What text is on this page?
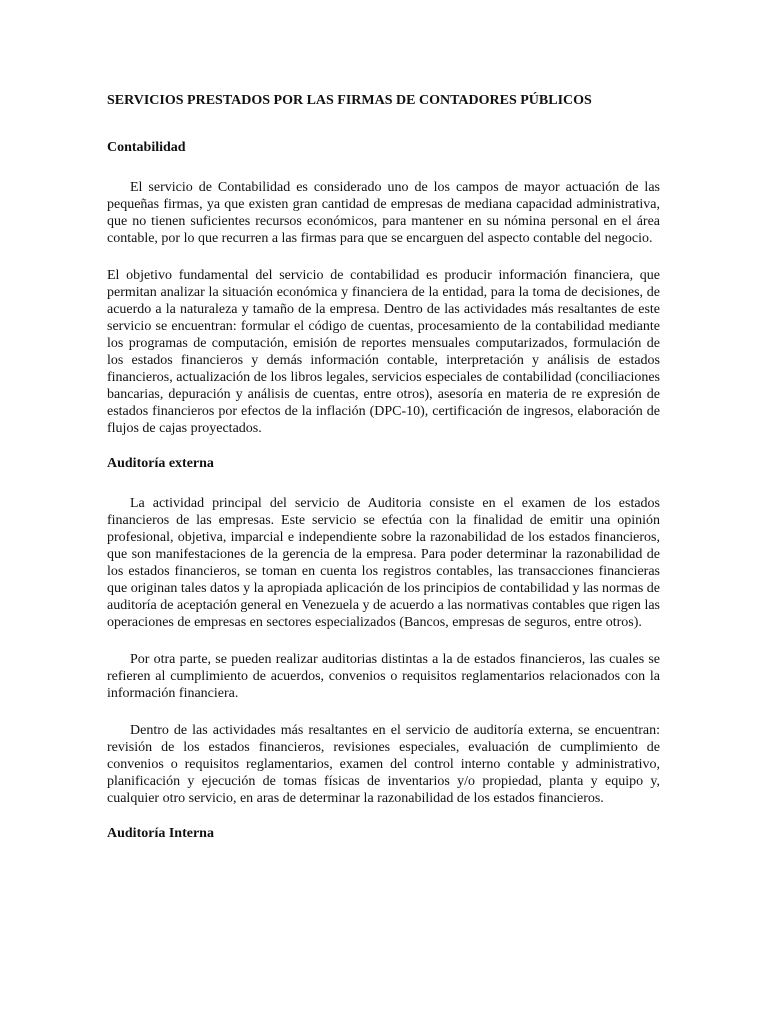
SERVICIOS PRESTADOS POR LAS FIRMAS DE CONTADORES PÚBLICOS

Contabilidad

El servicio de Contabilidad es considerado uno de los campos de mayor actuación de las pequeñas firmas, ya que existen gran cantidad de empresas de mediana capacidad administrativa, que no tienen suficientes recursos económicos, para mantener en su nómina personal en el área contable, por lo que recurren a las firmas para que se encarguen del aspecto contable del negocio.

El objetivo fundamental del servicio de contabilidad es producir información financiera, que permitan analizar la situación económica y financiera de la entidad, para la toma de decisiones, de acuerdo a la naturaleza y tamaño de la empresa. Dentro de las actividades más resaltantes de este servicio se encuentran: formular el código de cuentas, procesamiento de la contabilidad mediante los programas de computación, emisión de reportes mensuales computarizados, formulación de los estados financieros y demás información contable, interpretación y análisis de estados financieros, actualización de los libros legales, servicios especiales de contabilidad (conciliaciones bancarias, depuración y análisis de cuentas, entre otros), asesoría en materia de re expresión de estados financieros por efectos de la inflación (DPC-10), certificación de ingresos, elaboración de flujos de cajas proyectados.

Auditoría externa

La actividad principal del servicio de Auditoria consiste en el examen de los estados financieros de las empresas. Este servicio se efectúa con la finalidad de emitir una opinión profesional, objetiva, imparcial e independiente sobre la razonabilidad de los estados financieros, que son manifestaciones de la gerencia de la empresa. Para poder determinar la razonabilidad de los estados financieros, se toman en cuenta los registros contables, las transacciones financieras que originan tales datos y la apropiada aplicación de los principios de contabilidad y las normas de auditoría de aceptación general en Venezuela y de acuerdo a las normativas contables que rigen las operaciones de empresas en sectores especializados (Bancos, empresas de seguros, entre otros).

Por otra parte, se pueden realizar auditorias distintas a la de estados financieros, las cuales se refieren al cumplimiento de acuerdos, convenios o requisitos reglamentarios relacionados con la información financiera.

Dentro de las actividades más resaltantes en el servicio de auditoría externa, se encuentran: revisión de los estados financieros, revisiones especiales, evaluación de cumplimiento de convenios o requisitos reglamentarios, examen del control interno contable y administrativo, planificación y ejecución de tomas físicas de inventarios y/o propiedad, planta y equipo y, cualquier otro servicio, en aras de determinar la razonabilidad de los estados financieros.

Auditoría Interna
